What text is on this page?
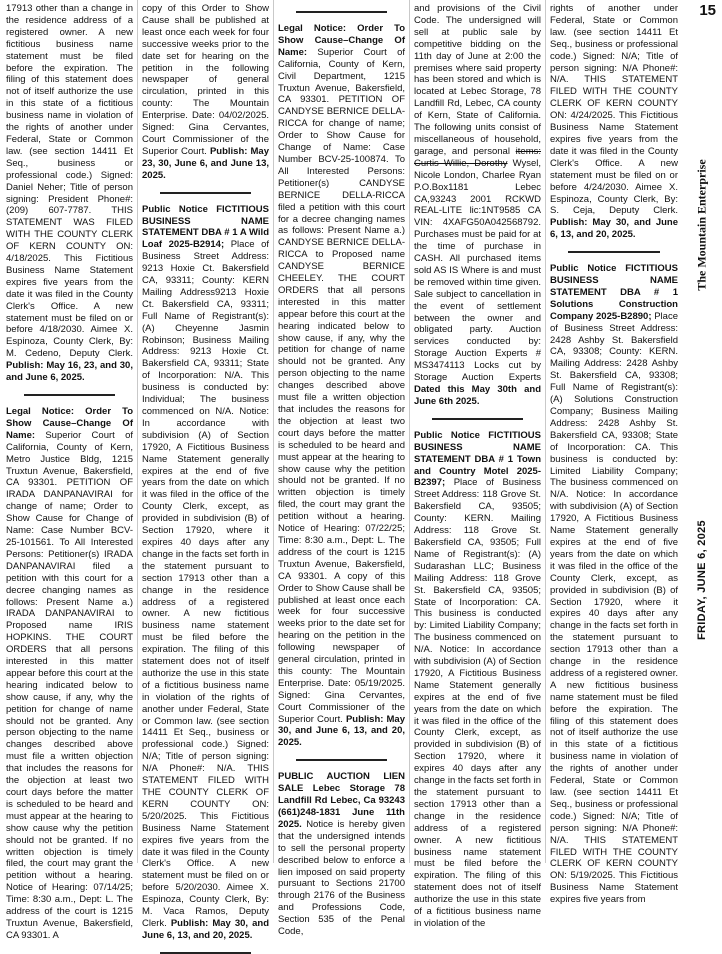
17913 other than a change in the residence address of a registered owner. A new fictitious business name statement must be filed before the expiration. The filing of this statement does not of itself authorize the use in this state of a fictitious business name in violation of the rights of another under Federal, State or Common law. (see section 14411 Et Seq., business or professional code.) Signed: Daniel Neher; Title of person signing: President Phone#: (209) 607-7787. THIS STATEMENT WAS FILED WITH THE COUNTY CLERK OF KERN COUNTY ON: 4/18/2025. This Fictitious Business Name Statement expires five years from the date it was filed in the County Clerk's Office. A new statement must be filed on or before 4/18/2030. Aimee X. Espinoza, County Clerk, By: M. Cedeno, Deputy Clerk. Publish: May 16, 23, and 30, and June 6, 2025.

Legal Notice: Order To Show Cause–Change Of Name: Superior Court of California, County of Kern, Metro Justice Bldg, 1215 Truxtun Avenue, Bakersfield, CA 93301. PETITION OF IRADA DANPANAVIRAI for change of name; Order to Show Cause for Change of Name: Case Number BCV-25-101561. To All Interested Persons: Petitioner(s) IRADA DANPANAVIRAI filed a petition with this court for a decree changing names as follows: Present Name a.) IRADA DANPANAVIRAI to Proposed name IRIS HOPKINS. THE COURT ORDERS that all persons interested in this matter appear before this court at the hearing indicated below to show cause, if any, why the petition for change of name should not be granted. Any person objecting to the name changes described above must file a written objection that includes the reasons for the objection at least two court days before the matter is scheduled to be heard and must appear at the hearing to show cause why the petition should not be granted. If no written objection is timely filed, the court may grant the petition without a hearing. Notice of Hearing: 07/14/25; Time: 8:30 a.m., Dept: L. The address of the court is 1215 Truxtun Avenue, Bakersfield, CA 93301. A

copy of this Order to Show Cause shall be published at least once each week for four successive weeks prior to the date set for hearing on the petition in the following newspaper of general circulation, printed in this county: The Mountain Enterprise. Date: 04/02/2025. Signed: Gina Cervantes, Court Commissioner of the Superior Court. Publish: May 23, 30, June 6, and June 13, 2025.

Public Notice FICTITIOUS BUSINESS NAME STATEMENT DBA # 1 A Wild Loaf 2025-B2914; Place of Business Street Address: 9213 Hoxie Ct. Bakersfield CA, 93311; County: KERN Mailing Address9213 Hoxie Ct. Bakersfield CA, 93311; Full Name of Registrant(s): (A) Cheyenne Jasmin Robinson; Business Mailing Address: 9213 Hoxie Ct. Bakersfield CA, 93311; State of Incorporation: N/A. This business is conducted by: Individual; The business commenced on N/A. Notice: In accordance with subdivision (A) of Section 17920, A Fictitious Business Name Statement generally expires at the end of five years from the date on which it was filed in the office of the County Clerk, except, as provided in subdivision (B) of Section 17920, where it expires 40 days after any change in the facts set forth in the statement pursuant to section 17913 other than a change in the residence address of a registered owner. A new fictitious business name statement must be filed before the expiration. The filing of this statement does not of itself authorize the use in this state of a fictitious business name in violation of the rights of another under Federal, State or Common law. (see section 14411 Et Seq., business or professional code.) Signed: N/A; Title of person signing: N/A Phone#: N/A. THIS STATEMENT FILED WITH THE COUNTY CLERK OF KERN COUNTY ON: 5/20/2025. This Fictitious Business Name Statement expires five years from the date it was filed in the County Clerk's Office. A new statement must be filed on or before 5/20/2030. Aimee X. Espinoza, County Clerk, By: M. Vaca Ramos, Deputy Clerk. Publish: May 30, and June 6, 13, and 20, 2025.

Legal Notice: Order To Show Cause–Change Of Name: Superior Court of California, County of Kern, Civil Department, 1215 Truxtun Avenue, Bakersfield, CA 93301. PETITION OF CANDYSE BERNICE DELLA-RICCA for change of name; Order to Show Cause for Change of Name: Case Number BCV-25-100874. To All Interested Persons: Petitioner(s) CANDYSE BERNICE DELLA-RICCA filed a petition with this court for a decree changing names as follows: Present Name a.) CANDYSE BERNICE DELLA-RICCA to Proposed name CANDYSE BERNICE CHEELEY. THE COURT ORDERS that all persons interested in this matter appear before this court at the hearing indicated below to show cause, if any, why the petition for change of name should not be granted. Any person objecting to the name changes described above must file a written objection that includes the reasons for the objection at least two court days before the matter is scheduled to be heard and must appear at the hearing to show cause why the petition should not be granted. If no written objection is timely filed, the court may grant the petition without a hearing. Notice of Hearing: 07/22/25; Time: 8:30 a.m., Dept: L. The address of the court is 1215 Truxtun Avenue, Bakersfield, CA 93301. A copy of this Order to Show Cause shall be published at least once each week for four successive weeks prior to the date set for hearing on the petition in the following newspaper of general circulation, printed in this county: The Mountain Enterprise. Date: 05/19/2025. Signed: Gina Cervantes, Court Commissioner of the Superior Court. Publish: May 30, and June 6, 13, and 20, 2025.

PUBLIC AUCTION LIEN SALE Lebec Storage 78 Landfill Rd Lebec, Ca 93243 (661)248-1831 June 11th 2025. Notice is hereby given that the undersigned intends to sell the personal property described below to enforce a lien imposed on said property pursuant to Sections 21700 through 2176 of the Business and Professions Code, Section 535 of the Penal Code,

and provisions of the Civil Code. The undersigned will sell at public sale by competitive bidding on the 11th day of June at 2:00 the premises where said property has been stored and which is located at Lebec Storage, 78 Landfill Rd, Lebec, CA county of Kern, State of California. The following units consist of miscellaneous of household, garage, and personal items: Curtis Willie, Dorothy Wysel, Nicole London, Charlee Ryan P.O.Box1181 Lebec CA,93243 2001 RCKWD REAL-LITE lic:1NT9585 CA VIN: 4XAFG50A042568792. Purchases must be paid for at the time of purchase in CASH. All purchased items sold AS IS Where is and must be removed within time given. Sale subject to cancellation in the event of settlement between the owner and obligated party. Auction services conducted by: Storage Auction Experts # MS3474113 Locks cut by Storage Auction Experts Dated this May 30th and June 6th 2025.

Public Notice FICTITIOUS BUSINESS NAME STATEMENT DBA # 1 Town and Country Motel 2025-B2397; Place of Business Street Address: 118 Grove St. Bakersfield CA, 93505; County: KERN. Mailing Address: 118 Grove St. Bakersfield CA, 93505; Full Name of Registrant(s): (A) Sudarashan LLC; Business Mailing Address: 118 Grove St. Bakersfield CA, 93505; State of Incorporation: CA. This business is conducted by: Limited Liability Company; The business commenced on N/A. Notice: In accordance with subdivision (A) of Section 17920, A Fictitious Business Name Statement generally expires at the end of five years from the date on which it was filed in the office of the County Clerk, except, as provided in subdivision (B) of Section 17920, where it expires 40 days after any change in the facts set forth in the statement pursuant to section 17913 other than a change in the residence address of a registered owner. A new fictitious business name statement must be filed before the expiration. The filing of this statement does not of itself authorize the use in this state of a fictitious business name in violation of the

rights of another under Federal, State or Common law. (see section 14411 Et Seq., business or professional code.) Signed: N/A; Title of person signing: N/A Phone#: N/A. THIS STATEMENT FILED WITH THE COUNTY CLERK OF KERN COUNTY ON: 4/24/2025. This Fictitious Business Name Statement expires five years from the date it was filed in the County Clerk's Office. A new statement must be filed on or before 4/24/2030. Aimee X. Espinoza, County Clerk, By: S. Ceja, Deputy Clerk. Publish: May 30, and June 6, 13, and 20, 2025.

Public Notice FICTITIOUS BUSINESS NAME STATEMENT DBA # 1 Solutions Construction Company 2025-B2890; Place of Business Street Address: 2428 Ashby St. Bakersfield CA, 93308; County: KERN. Mailing Address: 2428 Ashby St. Bakersfield CA, 93308; Full Name of Registrant(s): (A) Solutions Construction Company; Business Mailing Address: 2428 Ashby St. Bakersfield CA, 93308; State of Incorporation: CA. This business is conducted by: Limited Liability Company; The business commenced on N/A. Notice: In accordance with subdivision (A) of Section 17920, A Fictitious Business Name Statement generally expires at the end of five years from the date on which it was filed in the office of the County Clerk, except, as provided in subdivision (B) of Section 17920, where it expires 40 days after any change in the facts set forth in the statement pursuant to section 17913 other than a change in the residence address of a registered owner. A new fictitious business name statement must be filed before the expiration. The filing of this statement does not of itself authorize the use in this state of a fictitious business name in violation of the rights of another under Federal, State or Common law. (see section 14411 Et Seq., business or professional code.) Signed: N/A; Title of person signing: N/A Phone#: N/A. THIS STATEMENT FILED WITH THE COUNTY CLERK OF KERN COUNTY ON: 5/19/2025. This Fictitious Business Name Statement expires five years from

15
The Mountain Enterprise
FRIDAY, JUNE 6, 2025
